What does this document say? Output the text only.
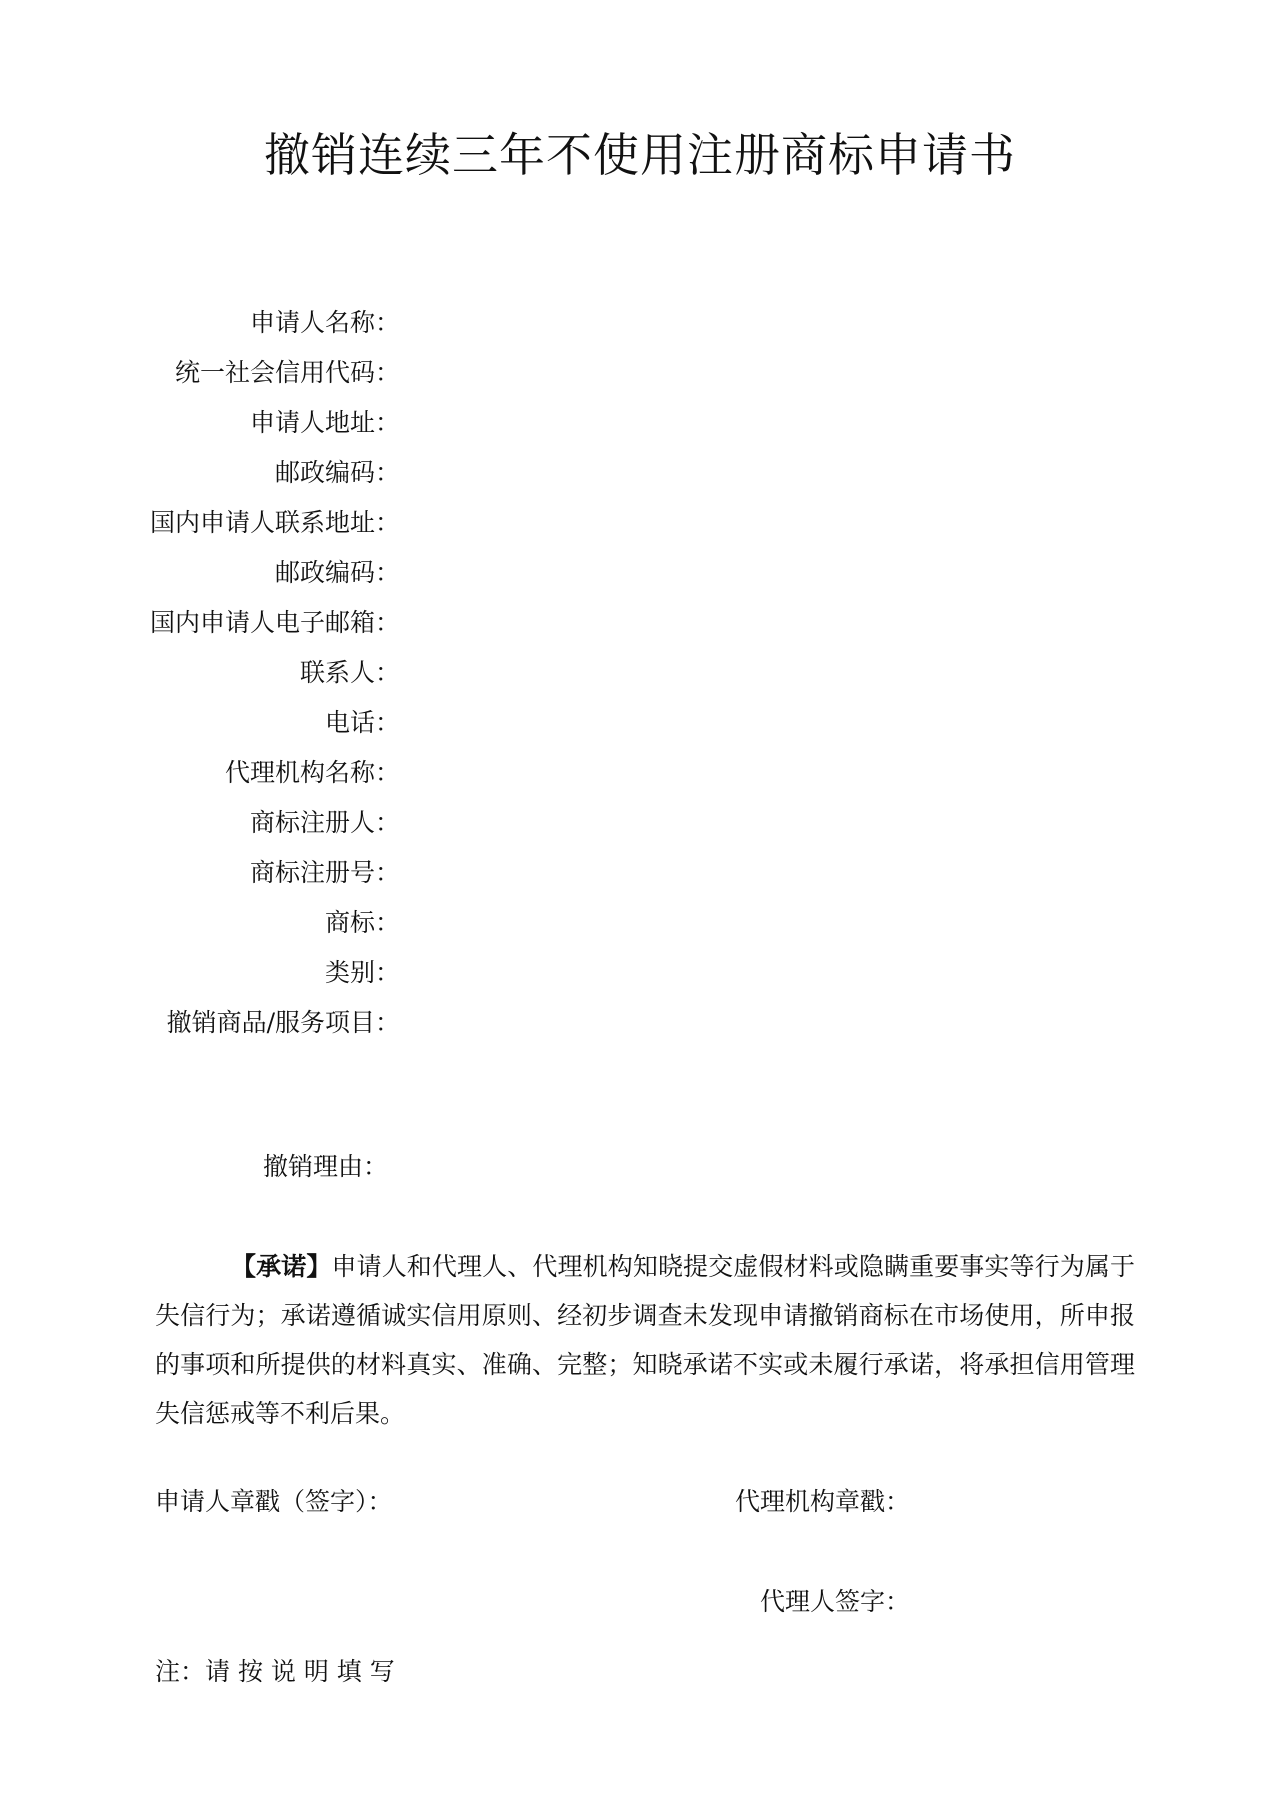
撤销连续三年不使用注册商标申请书
申请人名称：
统一社会信用代码：
申请人地址：
邮政编码：
国内申请人联系地址：
邮政编码：
国内申请人电子邮箱：
联系人：
电话：
代理机构名称：
商标注册人：
商标注册号：
商标：
类别：
撤销商品/服务项目：
撤销理由：
【承诺】申请人和代理人、代理机构知晓提交虚假材料或隐瞒重要事实等行为属于失信行为；承诺遵循诚实信用原则、经初步调查未发现申请撤销商标在市场使用，所申报的事项和所提供的材料真实、准确、完整；知晓承诺不实或未履行承诺，将承担信用管理失信惩戒等不利后果。
申请人章戳（签字）：	代理机构章戳：
代理人签字：
注：请 按 说 明 填 写
